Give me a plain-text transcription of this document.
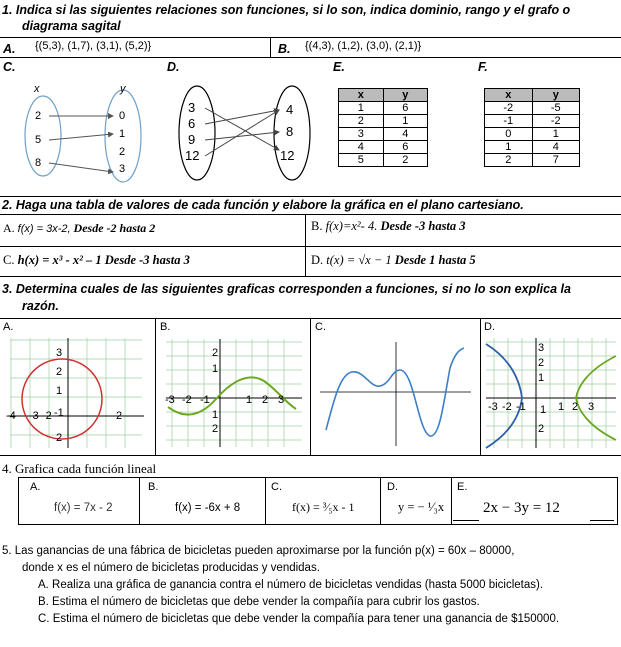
1. Indica si las siguientes relaciones son funciones, si lo son, indica dominio, rango y el grafo o
diagrama sagital
A. {(5,3), (1,7), (3,1), (5,2)}	B. {(4,3), (1,2), (3,0), (2,1)}
C.	D.	E.	F.
x	y
2
5
8
0
1
2
3
3
6
9
12
4
8
12
x	y
1	6
2	1
3	4
4	6
5	2
x	y
-2	-5
-1	-2
0	1
1	4
2	7
2. Haga una tabla de valores de cada función y elabore la gráfica en el plano cartesiano.
A. f(x) = 3x-2, Desde -2 hasta 2	B. f(x)=x²- 4. Desde -3 hasta 3
C. h(x) = x³ - x² – 1 Desde -3 hasta 3	D. t(x) = √x − 1 Desde 1 hasta 5
3. Determina cuales de las siguientes graficas corresponden a funciones, si no lo son explica la
razón.
A.	B.	C.	D.
3
2
1
-4 -3 -2 -1	2
2
2
1
-3 -2 -1	1 2 3
1
2
3
2
1
-3 -2 -1 1 1 2 3
2
4. Grafica cada función lineal
A.	B.	C.	D.	E.
f(x) = 7x - 2	f(x) = -6x + 8	f(x) = ³⁄₅x - 1	y = − ¹⁄₃x	2x − 3y = 12
5. Las ganancias de una fábrica de bicicletas pueden aproximarse por la función p(x) = 60x – 80000,
donde x es el número de bicicletas producidas y vendidas.
A. Realiza una gráfica de ganancia contra el número de bicicletas vendidas (hasta 5000 bicicletas).
B. Estima el número de bicicletas que debe vender la compañía para cubrir los gastos.
C. Estima el número de bicicletas que debe vender la compañía para tener una ganancia de $150000.
